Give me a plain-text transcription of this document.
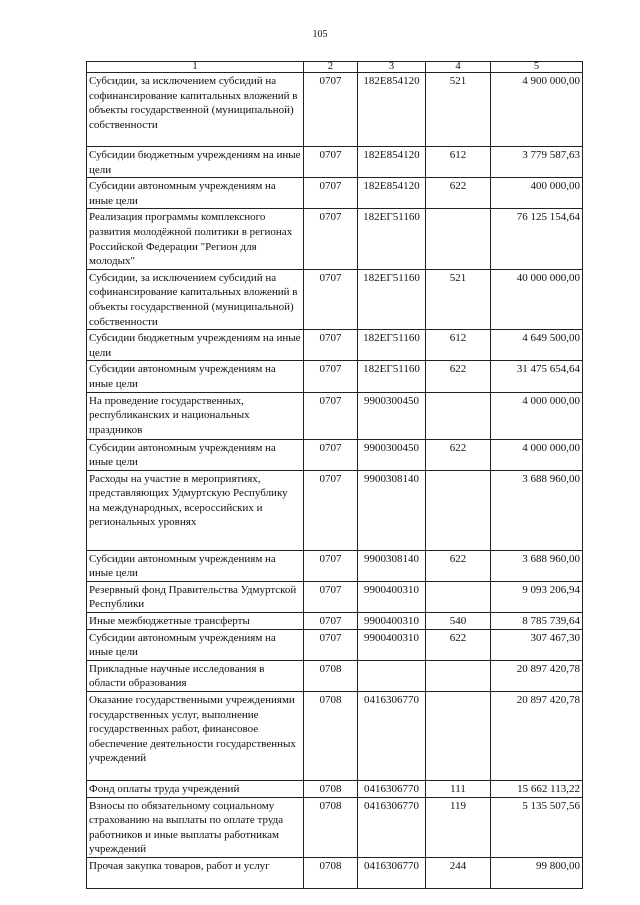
105
1	2	3	4	5
Субсидии, за исключением субсидий на софинансирование капитальных вложений в объекты государственной (муниципальной) собственности	0707	182E854120	521	4 900 000,00
Субсидии бюджетным учреждениям на иные цели	0707	182E854120	612	3 779 587,63
Субсидии автономным учреждениям на иные цели	0707	182E854120	622	400 000,00
Реализация программы комплексного развития молодёжной политики в регионах Российской Федерации "Регион для молодых"	0707	182EГ51160		76 125 154,64
Субсидии, за исключением субсидий на софинансирование капитальных вложений в объекты государственной (муниципальной) собственности	0707	182EГ51160	521	40 000 000,00
Субсидии бюджетным учреждениям на иные цели	0707	182EГ51160	612	4 649 500,00
Субсидии автономным учреждениям на иные цели	0707	182EГ51160	622	31 475 654,64
На проведение государственных, республиканских и национальных праздников	0707	9900300450		4 000 000,00
Субсидии автономным учреждениям на иные цели	0707	9900300450	622	4 000 000,00
Расходы на участие в мероприятиях, представляющих Удмуртскую Республику на международных, всероссийских и региональных уровнях	0707	9900308140		3 688 960,00
Субсидии автономным учреждениям на иные цели	0707	9900308140	622	3 688 960,00
Резервный фонд Правительства Удмуртской Республики	0707	9900400310		9 093 206,94
Иные межбюджетные трансферты	0707	9900400310	540	8 785 739,64
Субсидии автономным учреждениям на иные цели	0707	9900400310	622	307 467,30
Прикладные научные исследования в области образования	0708			20 897 420,78
Оказание государственными учреждениями государственных услуг, выполнение государственных работ, финансовое обеспечение деятельности государственных учреждений	0708	0416306770		20 897 420,78
Фонд оплаты труда учреждений	0708	0416306770	111	15 662 113,22
Взносы по обязательному социальному страхованию на выплаты по оплате труда работников и иные выплаты работникам учреждений	0708	0416306770	119	5 135 507,56
Прочая закупка товаров, работ и услуг	0708	0416306770	244	99 800,00
